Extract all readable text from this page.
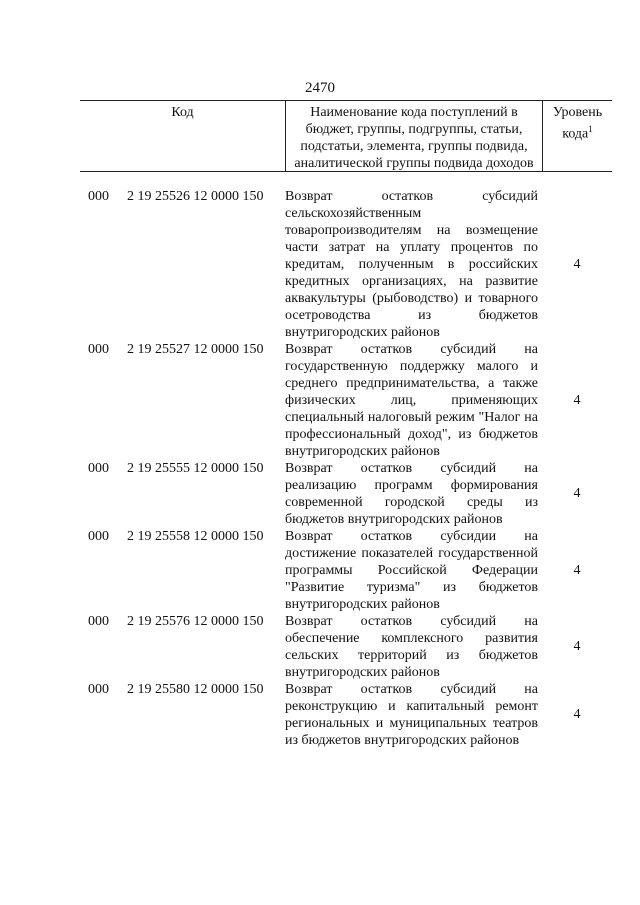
2470
Код	Наименование кода поступлений в бюджет, группы, подгруппы, статьи, подстатьи, элемента, группы подвида, аналитической группы подвида доходов
Уровень кода$^1$
000 2 19 25526 12 0000 150 Возврат остатков субсидий сельскохозяйственным товаропроизводителям на возмещение части затрат на уплату процентов по кредитам, полученным в российских кредитных организациях, на развитие аквакультуры (рыбоводство) и товарного осетроводства из бюджетов внутригородских районов
4
000 2 19 25527 12 0000 150 Возврат остатков субсидий на государственную поддержку малого и среднего предпринимательства, а также физических лиц, применяющих специальный налоговый режим "Налог на профессиональный доход", из бюджетов внутригородских районов
4
000 2 19 25555 12 0000 150 Возврат остатков субсидий на реализацию программ формирования современной городской среды из бюджетов внутригородских районов
4
000 2 19 25558 12 0000 150 Возврат остатков субсидии на достижение показателей государственной программы Российской Федерации "Развитие туризма" из бюджетов внутригородских районов
4
000 2 19 25576 12 0000 150 Возврат остатков субсидий на обеспечение комплексного развития сельских территорий из бюджетов внутригородских районов
4
000 2 19 25580 12 0000 150 Возврат остатков субсидий на реконструкцию и капитальный ремонт региональных и муниципальных театров из бюджетов внутригородских районов
4
